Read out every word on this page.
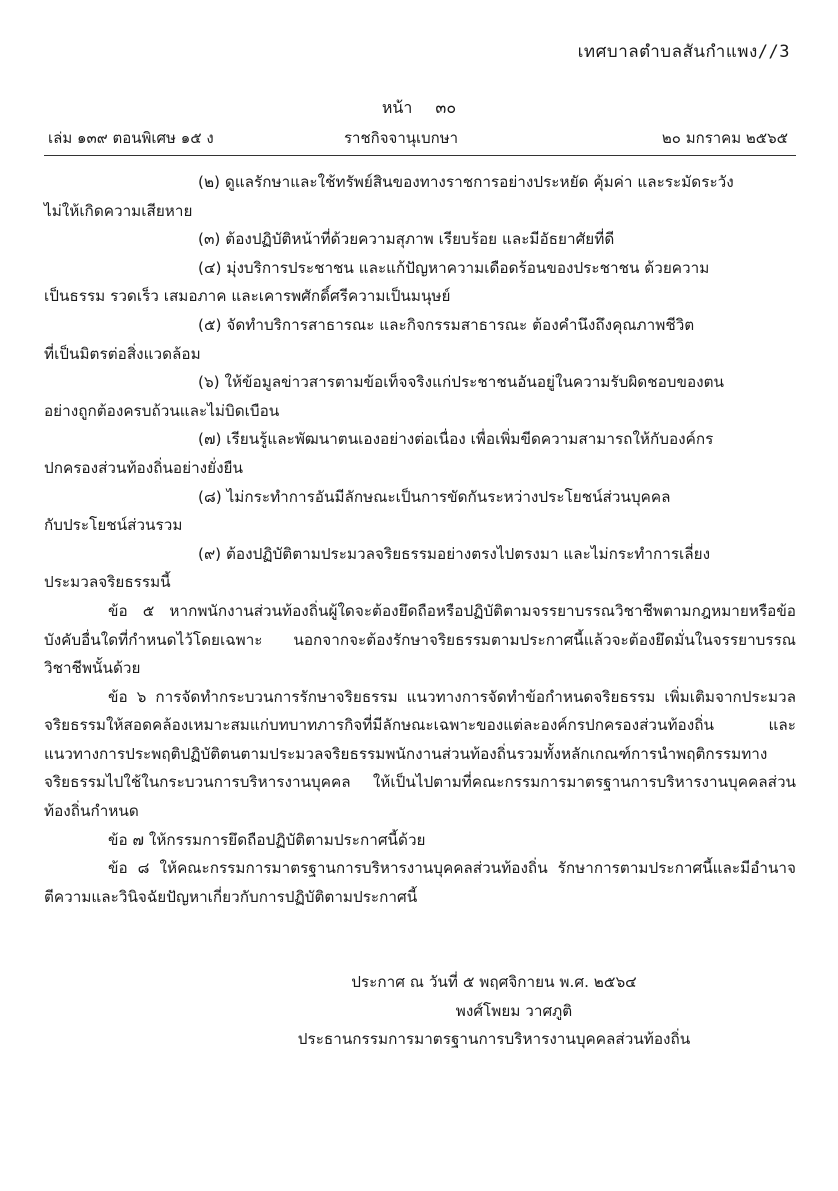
เทศบาลตำบลสันกำแพง//3
หน้า ๓๐
เล่ม ๑๓๙ ตอนพิเศษ ๑๕ ง	ราชกิจจานุเบกษา	๒๐ มกราคม ๒๕๖๕

(๒) ดูแลรักษาและใช้ทรัพย์สินของทางราชการอย่างประหยัด คุ้มค่า และระมัดระวัง
ไม่ให้เกิดความเสียหาย

(๓) ต้องปฏิบัติหน้าที่ด้วยความสุภาพ เรียบร้อย และมีอัธยาศัยที่ดี

(๔) มุ่งบริการประชาชน และแก้ปัญหาความเดือดร้อนของประชาชน ด้วยความ
เป็นธรรม รวดเร็ว เสมอภาค และเคารพศักดิ์ศรีความเป็นมนุษย์

(๕) จัดทำบริการสาธารณะ และกิจกรรมสาธารณะ ต้องคำนึงถึงคุณภาพชีวิต
ที่เป็นมิตรต่อสิ่งแวดล้อม

(๖) ให้ข้อมูลข่าวสารตามข้อเท็จจริงแก่ประชาชนอันอยู่ในความรับผิดชอบของตน
อย่างถูกต้องครบถ้วนและไม่บิดเบือน

(๗) เรียนรู้และพัฒนาตนเองอย่างต่อเนื่อง เพื่อเพิ่มขีดความสามารถให้กับองค์กร
ปกครองส่วนท้องถิ่นอย่างยั่งยืน

(๘) ไม่กระทำการอันมีลักษณะเป็นการขัดกันระหว่างประโยชน์ส่วนบุคคล
กับประโยชน์ส่วนรวม

(๙) ต้องปฏิบัติตามประมวลจริยธรรมอย่างตรงไปตรงมา และไม่กระทำการเลี่ยง
ประมวลจริยธรรมนี้

ข้อ ๕ หากพนักงานส่วนท้องถิ่นผู้ใดจะต้องยึดถือหรือปฏิบัติตามจรรยาบรรณวิชาชีพตามกฎหมายหรือข้อบังคับอื่นใดที่กำหนดไว้โดยเฉพาะ นอกจากจะต้องรักษาจริยธรรมตามประกาศนี้แล้วจะต้องยึดมั่นในจรรยาบรรณวิชาชีพนั้นด้วย

ข้อ ๖ การจัดทำกระบวนการรักษาจริยธรรม แนวทางการจัดทำข้อกำหนดจริยธรรม เพิ่มเติมจากประมวลจริยธรรมให้สอดคล้องเหมาะสมแก่บทบาทภารกิจที่มีลักษณะเฉพาะของแต่ละองค์กรปกครองส่วนท้องถิ่น และแนวทางการประพฤติปฏิบัติตนตามประมวลจริยธรรมพนักงานส่วนท้องถิ่นรวมทั้งหลักเกณฑ์การนำพฤติกรรมทางจริยธรรมไปใช้ในกระบวนการบริหารงานบุคคล ให้เป็นไปตามที่คณะกรรมการมาตรฐานการบริหารงานบุคคลส่วนท้องถิ่นกำหนด

ข้อ ๗ ให้กรรมการยึดถือปฏิบัติตามประกาศนี้ด้วย

ข้อ ๘ ให้คณะกรรมการมาตรฐานการบริหารงานบุคคลส่วนท้องถิ่น รักษาการตามประกาศนี้และมีอำนาจตีความและวินิจฉัยปัญหาเกี่ยวกับการปฏิบัติตามประกาศนี้

ประกาศ ณ วันที่ ๕ พฤศจิกายน พ.ศ. ๒๕๖๔
พงศ์โพยม วาศภูติ
ประธานกรรมการมาตรฐานการบริหารงานบุคคลส่วนท้องถิ่น
